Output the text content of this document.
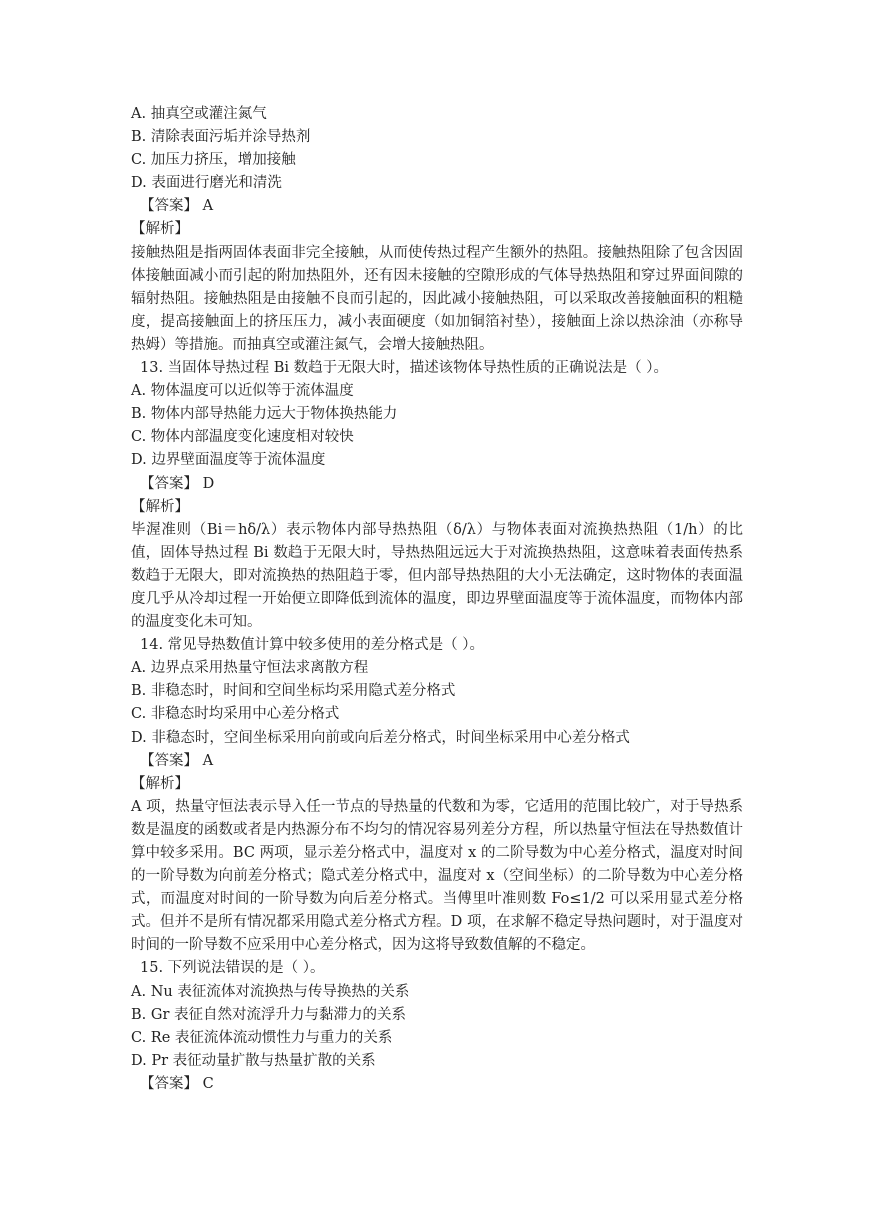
A. 抽真空或灌注氮气
B. 清除表面污垢并涂导热剂
C. 加压力挤压，增加接触
D. 表面进行磨光和清洗
【答案】 A
【解析】
接触热阻是指两固体表面非完全接触，从而使传热过程产生额外的热阻。接触热阻除了包含因固体接触面减小而引起的附加热阻外，还有因未接触的空隙形成的气体导热热阻和穿过界面间隙的辐射热阻。接触热阻是由接触不良而引起的，因此减小接触热阻，可以采取改善接触面积的粗糙度，提高接触面上的挤压压力，减小表面硬度（如加铜箔衬垫），接触面上涂以热涂油（亦称导热姆）等措施。而抽真空或灌注氮气，会增大接触热阻。
13. 当固体导热过程 Bi 数趋于无限大时，描述该物体导热性质的正确说法是（ ）。
A. 物体温度可以近似等于流体温度
B. 物体内部导热能力远大于物体换热能力
C. 物体内部温度变化速度相对较快
D. 边界壁面温度等于流体温度
【答案】 D
【解析】
毕渥准则（Bi＝hδ/λ）表示物体内部导热热阻（δ/λ）与物体表面对流换热热阻（1/h）的比值，固体导热过程 Bi 数趋于无限大时，导热热阻远远大于对流换热热阻，这意味着表面传热系数趋于无限大，即对流换热的热阻趋于零，但内部导热热阻的大小无法确定，这时物体的表面温度几乎从冷却过程一开始便立即降低到流体的温度，即边界壁面温度等于流体温度，而物体内部的温度变化未可知。
14. 常见导热数值计算中较多使用的差分格式是（ ）。
A. 边界点采用热量守恒法求离散方程
B. 非稳态时，时间和空间坐标均采用隐式差分格式
C. 非稳态时均采用中心差分格式
D. 非稳态时，空间坐标采用向前或向后差分格式，时间坐标采用中心差分格式
【答案】 A
【解析】
A 项，热量守恒法表示导入任一节点的导热量的代数和为零，它适用的范围比较广，对于导热系数是温度的函数或者是内热源分布不均匀的情况容易列差分方程，所以热量守恒法在导热数值计算中较多采用。BC 两项，显示差分格式中，温度对 x 的二阶导数为中心差分格式，温度对时间的一阶导数为向前差分格式；隐式差分格式中，温度对 x（空间坐标）的二阶导数为中心差分格式，而温度对时间的一阶导数为向后差分格式。当傅里叶准则数 Fo≤1/2 可以采用显式差分格式。但并不是所有情况都采用隐式差分格式方程。D 项，在求解不稳定导热问题时，对于温度对时间的一阶导数不应采用中心差分格式，因为这将导致数值解的不稳定。
15. 下列说法错误的是（ ）。
A. Nu 表征流体对流换热与传导换热的关系
B. Gr 表征自然对流浮升力与黏滞力的关系
C. Re 表征流体流动惯性力与重力的关系
D. Pr 表征动量扩散与热量扩散的关系
【答案】 C
